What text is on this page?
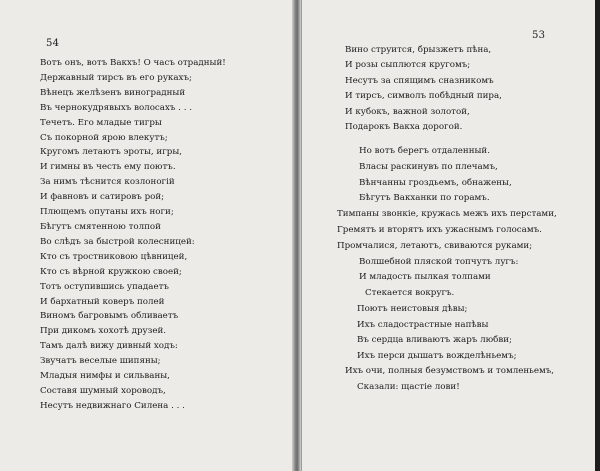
54
Вотъ онъ, вотъ Вакхъ! О часъ отрадный!
Державный тирсъ въ его рукахъ;
Вѣнецъ желѣзенъ виноградный
Въ чернокудрявыхъ волосахъ . . .
Течетъ. Его младые тигры
Съ покорной ярою влекутъ;
Кругомъ летаютъ эроты, игры,
И гимны въ честь ему поютъ.
За нимъ тѣснится козлоногiй
И фавновъ и сатировъ рой;
Плющемъ опутаны ихъ ноги;
Бѣгутъ смятенною толпой
Во слѣдъ за быстрой колесницей:
Кто съ тростниковою цѣвницей,
Кто съ вѣрной кружкою своей;
Тотъ оступившись упадаетъ
И бархатный коверъ полей
Виномъ багровымъ обливаетъ
При дикомъ хохотѣ друзей.
Тамъ далѣ вижу дивный ходъ:
Звучатъ веселые шипяны;
Младыя нимфы и сильваны,
Составя шумный хороводъ,
Несутъ недвижнаго Силена . . .
53
Вино струится, брызжетъ пѣна,
И розы сыплются кругомъ;
Несутъ за спящимъ сназникомъ
И тирсъ, символъ побѣдный пира,
И кубокъ, важной золотой,
Подарокъ Вакха дорогой.
Но вотъ берегъ отдаленный.
Власы раскинувъ по плечамъ,
Вѣнчанны гроздьемъ, обнажены,
Бѣгутъ Вакханки по горамъ.
Тимпаны звонкiе, кружась межъ ихъ перстами,
Гремятъ и вторятъ ихъ ужаснымъ голосамъ.
Промчалися, летаютъ, свиваются руками;
Волшебной пляской топчутъ лугъ:
И младость пылкая толпами
Стекается вокругъ.
Поютъ неистовыя дѣвы;
Ихъ сладострастные напѣвы
Въ сердца вливаютъ жаръ любви;
Ихъ перси дышатъ вожделѣньемъ;
Ихъ очи, полныя безумствомъ и томленьемъ,
Сказали: щастiе лови!
